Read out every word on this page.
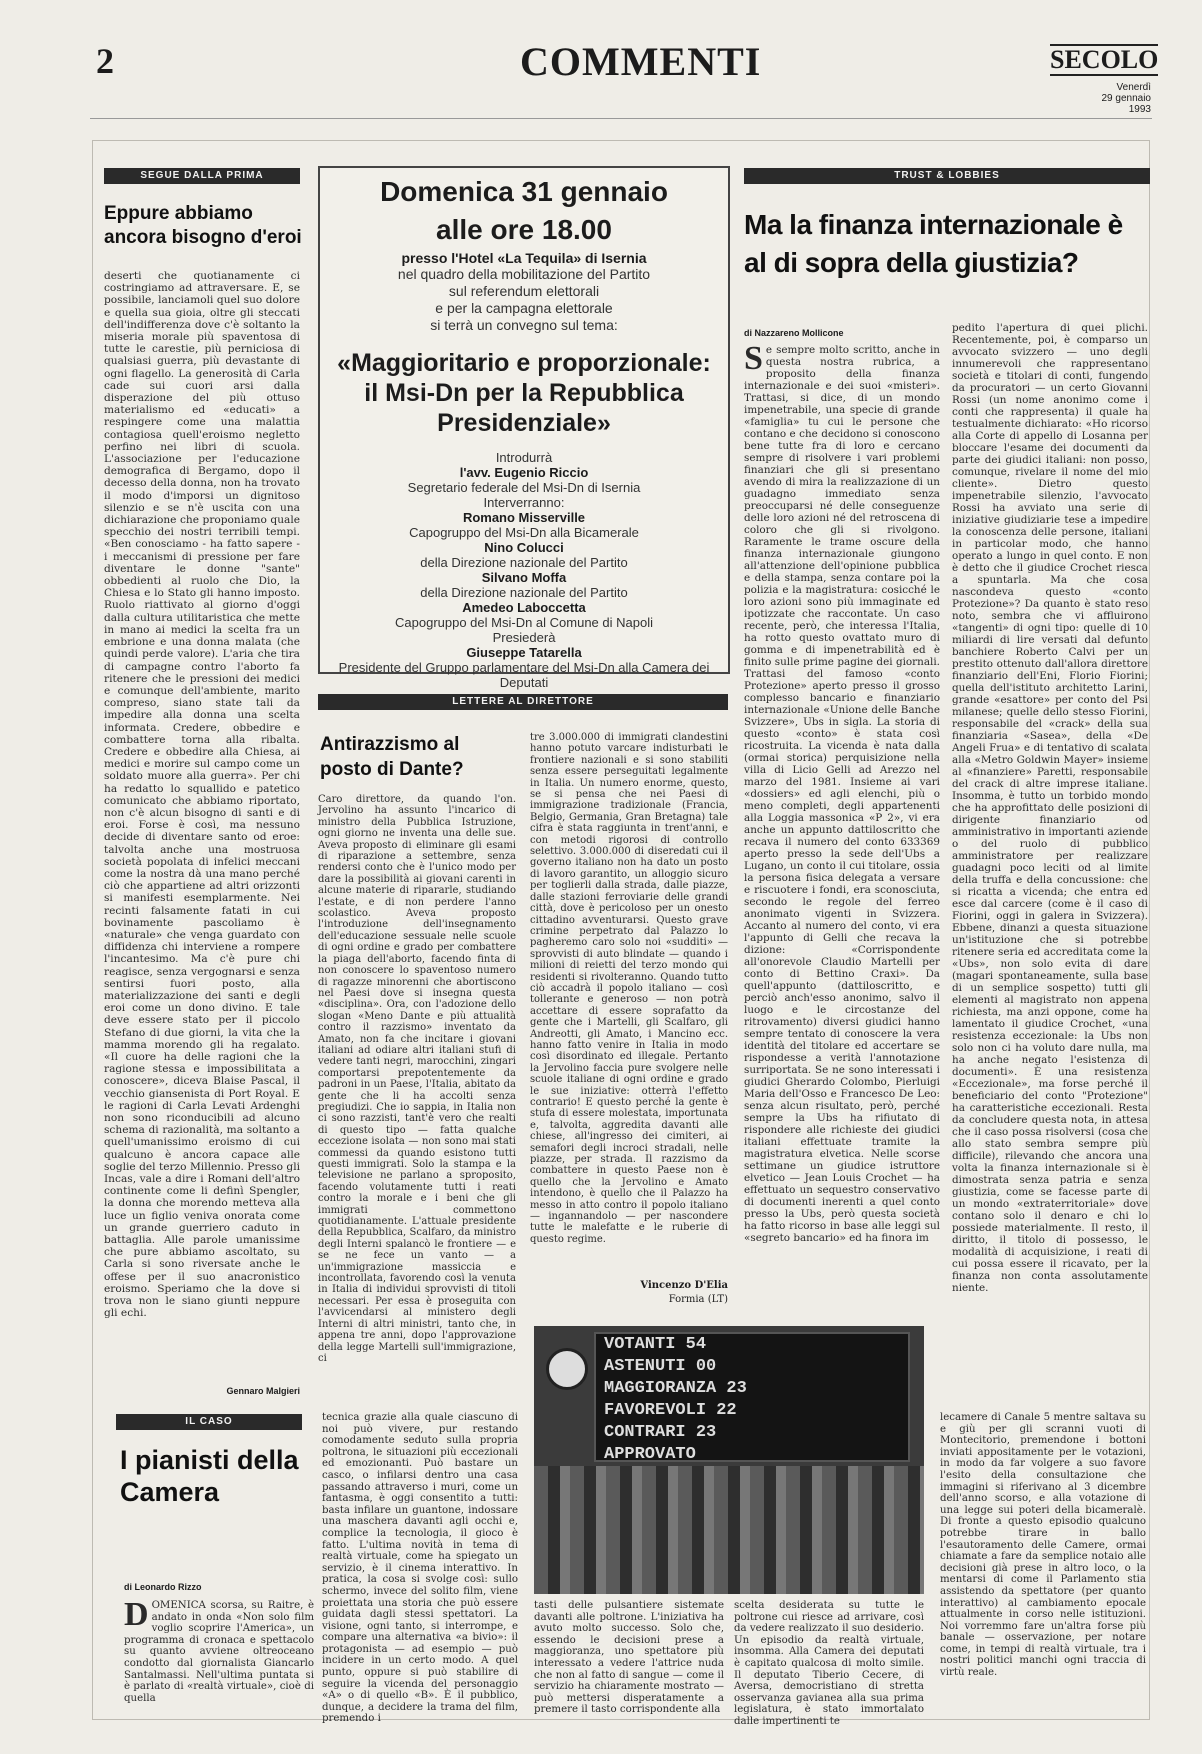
2	COMMENTI	SECOLO
Venerdì
29 gennaio 1993
SEGUE DALLA PRIMA
Eppure abbiamo ancora bisogno d'eroi
deserti che quotianamente ci costringiamo ad attraversare. E, se possibile, lanciamoli quel suo dolore e quella sua gioia, oltre gli steccati dell'indifferenza dove c'è soltanto la miseria morale più spaventosa di tutte le carestie, più perniciosa di qualsiasi guerra, più devastante di ogni flagello. La generosità di Carla cade sui cuori arsi dalla disperazione del più ottuso materialismo ed «educati» a respingere come una malattia contagiosa quell'eroismo negletto perfino nei libri di scuola. L'associazione per l'educazione demografica di Bergamo, dopo il decesso della donna, non ha trovato il modo d'imporsi un dignitoso silenzio e se n'è uscita con una dichiarazione che proponiamo quale specchio dei nostri terribili tempi. «Ben conosciamo - ha fatto sapere - i meccanismi di pressione per fare diventare le donne "sante" obbedienti al ruolo che Dio, la Chiesa e lo Stato gli hanno imposto. Ruolo riattivato al giorno d'oggi dalla cultura utilitaristica che mette in mano ai medici la scelta fra un embrione e una donna malata (che quindi perde valore). L'aria che tira di campagne contro l'aborto fa ritenere che le pressioni dei medici e comunque dell'ambiente, marito compreso, siano state tali da impedire alla donna una scelta informata. Credere, obbedire e combattere torna alla ribalta. Credere e obbedire alla Chiesa, ai medici e morire sul campo come un soldato muore alla guerra». Per chi ha redatto lo squallido e patetico comunicato che abbiamo riportato, non c'è alcun bisogno di santi e di eroi. Forse è così, ma nessuno decide di diventare santo od eroe: talvolta anche una mostruosa società popolata di infelici meccani come la nostra dà una mano perché ciò che appartiene ad altri orizzonti si manifesti esemplarmente. Nei recinti falsamente fatati in cui bovinamente pascoliamo è «naturale» che venga guardato con diffidenza chi interviene a rompere l'incantesimo. Ma c'è pure chi reagisce, senza vergognarsi e senza sentirsi fuori posto, alla materializzazione dei santi e degli eroi come un dono divino. E tale deve essere stato per il piccolo Stefano di due giorni, la vita che la mamma morendo gli ha regalato. «Il cuore ha delle ragioni che la ragione stessa e impossibilitata a conoscere», diceva Blaise Pascal, il vecchio giansenista di Port Royal. E le ragioni di Carla Levati Ardenghi non sono riconducibili ad alcuno schema di razionalità, ma soltanto a quell'umanissimo eroismo di cui qualcuno è ancora capace alle soglie del terzo Millennio. Presso gli Incas, vale a dire i Romani dell'altro continente come li definì Spengler, la donna che morendo metteva alla luce un figlio veniva onorata come un grande guerriero caduto in battaglia. Alle parole umanissime che pure abbiamo ascoltato, su Carla si sono riversate anche le offese per il suo anacronistico eroismo. Speriamo che la dove si trova non le siano giunti neppure gli echi.
Gennaro Malgieri
Domenica 31 gennaio
alle ore 18.00
presso l'Hotel «La Tequila» di Isernia
nel quadro della mobilitazione del Partito
sul referendum elettorali
e per la campagna elettorale
si terrà un convegno sul tema:
«Maggioritario e proporzionale: il Msi-Dn per la Repubblica Presidenziale»
Introdurrà
l'avv. Eugenio Riccio
Segretario federale del Msi-Dn di Isernia
Interverranno:
Romano Misserville
Capogruppo del Msi-Dn alla Bicamerale
Nino Colucci
della Direzione nazionale del Partito
Silvano Moffa
della Direzione nazionale del Partito
Amedeo Laboccetta
Capogruppo del Msi-Dn al Comune di Napoli
Presiederà
Giuseppe Tatarella
Presidente del Gruppo parlamentare del Msi-Dn alla Camera dei Deputati
LETTERE AL DIRETTORE
Antirazzismo al posto di Dante?
Caro direttore, da quando l'on. Jervolino ha assunto l'incarico di ministro della Pubblica Istruzione, ogni giorno ne inventa una delle sue. Aveva proposto di eliminare gli esami di riparazione a settembre, senza rendersi conto che è l'unico modo per dare la possibilità ai giovani carenti in alcune materie di ripararle, studiando l'estate, e di non perdere l'anno scolastico. Aveva proposto l'introduzione dell'insegnamento dell'educazione sessuale nelle scuole di ogni ordine e grado per combattere la piaga dell'aborto, facendo finta di non conoscere lo spaventoso numero di ragazze minorenni che abortiscono nel Paesi dove si insegna questa «disciplina». Ora, con l'adozione dello slogan «Meno Dante e più attualità contro il razzismo» inventato da Amato, non fa che incitare i giovani italiani ad odiare altri italiani stufi di vedere tanti negri, marocchini, zingari comportarsi prepotentemente da padroni in un Paese, l'Italia, abitato da gente che li ha accolti senza pregiudizi. Che io sappia, in Italia non ci sono razzisti, tant'è vero che realti di questo tipo — fatta qualche eccezione isolata — non sono mai stati commessi da quando esistono tutti questi immigrati. Solo la stampa e la televisione ne parlano a sproposito, facendo volutamente tutti i reati contro la morale e i beni che gli immigrati commettono quotidianamente. L'attuale presidente della Repubblica, Scalfaro, da ministro degli Interni spalancò le frontiere — e se ne fece un vanto — a un'immigrazione massiccia e incontrollata, favorendo così la venuta in Italia di individui sprovvisti di titoli necessari. Per essa è proseguita con l'avvicendarsi al ministero degli Interni di altri ministri, tanto che, in appena tre anni, dopo l'approvazione della legge Martelli sull'immigrazione, ci
tre 3.000.000 di immigrati clandestini hanno potuto varcare indisturbati le frontiere nazionali e si sono stabiliti senza essere perseguitati legalmente in Italia. Un numero enorme, questo, se si pensa che nei Paesi di immigrazione tradizionale (Francia, Belgio, Germania, Gran Bretagna) tale cifra è stata raggiunta in trent'anni, e con metodi rigorosi di controllo selettivo. 3.000.000 di diseredati cui il governo italiano non ha dato un posto di lavoro garantito, un alloggio sicuro per toglierli dalla strada, dalle piazze, dalle stazioni ferroviarie delle grandi città, dove è pericoloso per un onesto cittadino avventurarsi. Questo grave crimine perpetrato dal Palazzo lo pagheremo caro solo noi «sudditi» — sprovvisti di auto blindate — quando i milioni di reietti del terzo mondo qui residenti si rivolteranno. Quando tutto ciò accadrà il popolo italiano — così tollerante e generoso — non potrà accettare di essere soprafatto da gente che i Martelli, gli Scalfaro, gli Andreotti, gli Amato, i Mancino ecc. hanno fatto venire in Italia in modo così disordinato ed illegale. Pertanto la Jervolino faccia pure svolgere nelle scuole italiane di ogni ordine e grado le sue iniziative: otterrà l'effetto contrario! E questo perché la gente è stufa di essere molestata, importunata e, talvolta, aggredita davanti alle chiese, all'ingresso dei cimiteri, ai semafori degli incroci stradali, nelle piazze, per strada. Il razzismo da combattere in questo Paese non è quello che la Jervolino e Amato intendono, è quello che il Palazzo ha messo in atto contro il popolo italiano — ingannandolo — per nascondere tutte le malefatte e le ruberie di questo regime.
Vincenzo D'Elia
Formia (LT)
TRUST & LOBBIES
Ma la finanza internazionale è al di sopra della giustizia?
di Nazzareno Mollicone
Se sempre molto scritto, anche in questa nostra rubrica, a proposito della finanza internazionale e dei suoi «misteri». Trattasi, si dice, di un mondo impenetrabile, una specie di grande «famiglia» tu cui le persone che contano e che decidono si conoscono bene tutte fra di loro e cercano sempre di risolvere i vari problemi finanziari che gli si presentano avendo di mira la realizzazione di un guadagno immediato senza preoccuparsi né delle conseguenze delle loro azioni né del retroscena di coloro che gli si rivolgono. Raramente le trame oscure della finanza internazionale giungono all'attenzione dell'opinione pubblica e della stampa, senza contare poi la polizia e la magistratura: cosicché le loro azioni sono più immaginate ed ipotizzate che raccontate. Un caso recente, però, che interessa l'Italia, ha rotto questo ovattato muro di gomma e di impenetrabilità ed è finito sulle prime pagine dei giornali. Trattasi del famoso «conto Protezione» aperto presso il grosso complesso bancario e finanziario internazionale «Unione delle Banche Svizzere», Ubs in sigla. La storia di questo «conto» è stata così ricostruita. La vicenda è nata dalla (ormai storica) perquisizione nella villa di Licio Gelli ad Arezzo nel marzo del 1981. Insieme ai vari «dossiers» ed agli elenchi, più o meno completi, degli appartenenti alla Loggia massonica «P 2», vi era anche un appunto dattiloscritto che recava il numero del conto 633369 aperto presso la sede dell'Ubs a Lugano, un conto il cui titolare, ossia la persona fisica delegata a versare e riscuotere i fondi, era sconosciuta, secondo le regole del ferreo anonimato vigenti in Svizzera. Accanto al numero del conto, vi era l'appunto di Gelli che recava la dizione: «Corrispondente all'onorevole Claudio Martelli per conto di Bettino Craxi». Da quell'appunto (dattiloscritto, e perciò anch'esso anonimo, salvo il luogo e le circostanze del ritrovamento) diversi giudici hanno sempre tentato di conoscere la vera identità del titolare ed accertare se rispondesse a verità l'annotazione surriportata. Se ne sono interessati i giudici Gherardo Colombo, Pierluigi Maria dell'Osso e Francesco De Leo: senza alcun risultato, però, perché sempre la Ubs ha rifiutato di rispondere alle richieste dei giudici italiani effettuate tramite la magistratura elvetica. Nelle scorse settimane un giudice istruttore elvetico — Jean Louis Crochet — ha effettuato un sequestro conservativo di documenti inerenti a quel conto presso la Ubs, però questa società ha fatto ricorso in base alle leggi sul «segreto bancario» ed ha finora im
pedito l'apertura di quei plichi. Recentemente, poi, è comparso un avvocato svizzero — uno degli innumerevoli che rappresentano società e titolari di conti, fungendo da procuratori — un certo Giovanni Rossi (un nome anonimo come i conti che rappresenta) il quale ha testualmente dichiarato: «Ho ricorso alla Corte di appello di Losanna per bloccare l'esame dei documenti da parte dei giudici italiani: non posso, comunque, rivelare il nome del mio cliente». Dietro questo impenetrabile silenzio, l'avvocato Rossi ha avviato una serie di iniziative giudiziarie tese a impedire la conoscenza delle persone, italiani in particolar modo, che hanno operato a lungo in quel conto. E non è detto che il giudice Crochet riesca a spuntarla. Ma che cosa nascondeva questo «conto Protezione»? Da quanto è stato reso noto, sembra che vi affluirono «tangenti» di ogni tipo: quelle di 10 miliardi di lire versati dal defunto banchiere Roberto Calvi per un prestito ottenuto dall'allora direttore finanziario dell'Eni, Florio Fiorini; quella dell'istituto architetto Larini, grande «esattore» per conto del Psi milanese; quelle dello stesso Fiorini, responsabile del «crack» della sua finanziaria «Sasea», della «De Angeli Frua» e di tentativo di scalata alla «Metro Goldwin Mayer» insieme al «finanziere» Paretti, responsabile del crack di altre imprese italiane. Insomma, è tutto un torbido mondo che ha approfittato delle posizioni di dirigente finanziario od amministrativo in importanti aziende o del ruolo di pubblico amministratore per realizzare guadagni poco leciti od al limite della truffa e della concussione: che si ricatta a vicenda; che entra ed esce dal carcere (come è il caso di Fiorini, oggi in galera in Svizzera). Ebbene, dinanzi a questa situazione un'istituzione che si potrebbe ritenere seria ed accreditata come la «Ubs», non solo evita di dare (magari spontaneamente, sulla base di un semplice sospetto) tutti gli elementi al magistrato non appena richiesta, ma anzi oppone, come ha lamentato il giudice Crochet, «una resistenza eccezionale: la Ubs non solo non ci ha voluto dare nulla, ma ha anche negato l'esistenza di documenti». È una resistenza «Eccezionale», ma forse perché il beneficiario del conto "Protezione" ha caratteristiche eccezionali. Resta da concludere questa nota, in attesa che il caso possa risolversi (cosa che allo stato sembra sempre più difficile), rilevando che ancora una volta la finanza internazionale si è dimostrata senza patria e senza giustizia, come se facesse parte di un mondo «extraterritoriale» dove contano solo il denaro e chi lo possiede materialmente. Il resto, il diritto, il titolo di possesso, le modalità di acquisizione, i reati di cui possa essere il ricavato, per la finanza non conta assolutamente niente.
IL CASO
I pianisti della Camera
di Leonardo Rizzo
DOMENICA scorsa, su Raitre, è andato in onda «Non solo film voglio scoprire l'America», un programma di cronaca e spettacolo su quanto avviene oltreoceano condotto dal giornalista Giancarlo Santalmassi. Nell'ultima puntata si è parlato di «realtà virtuale», cioè di quella
tecnica grazie alla quale ciascuno di noi può vivere, pur restando comodamente seduto sulla propria poltrona, le situazioni più eccezionali ed emozionanti. Può bastare un casco, o infilarsi dentro una casa passando attraverso i muri, come un fantasma, è oggi consentito a tutti: basta infilare un guantone, indossare una maschera davanti agli occhi e, complice la tecnologia, il gioco è fatto. L'ultima novità in tema di realtà virtuale, come ha spiegato un servizio, è il cinema interattivo. In pratica, la cosa si svolge così: sullo schermo, invece del solito film, viene proiettata una storia che può essere guidata dagli stessi spettatori. La visione, ogni tanto, si interrompe, e compare una alternativa «a bivio»: il protagonista — ad esempio — può incidere in un certo modo. A quel punto, oppure si può stabilire di seguire la vicenda del personaggio «A» o di quello «B». È il pubblico, dunque, a decidere la trama del film, premendo i
tasti delle pulsantiere sistemate davanti alle poltrone. L'iniziativa ha avuto molto successo. Solo che, essendo le decisioni prese a maggioranza, uno spettatore più interessato a vedere l'attrice nuda che non al fatto di sangue — come il servizio ha chiaramente mostrato — può mettersi disperatamente a premere il tasto corrispondente alla
scelta desiderata su tutte le poltrone cui riesce ad arrivare, così da vedere realizzato il suo desiderio. Un episodio da realtà virtuale, insomma. Alla Camera dei deputati è capitato qualcosa di molto simile. Il deputato Tiberio Cecere, di Aversa, democristiano di stretta osservanza gavianea alla sua prima legislatura, è stato immortalato dalle impertinenti te
lecamere di Canale 5 mentre saltava su e giù per gli scranni vuoti di Montecitorio, premendone i bottoni inviati appositamente per le votazioni, in modo da far volgere a suo favore l'esito della consultazione che immagini si riferivano al 3 dicembre dell'anno scorso, e alla votazione di una legge sui poteri della bicameralè. Di fronte a questo episodio qualcuno potrebbe tirare in ballo l'esautoramento delle Camere, ormai chiamate a fare da semplice notaio alle decisioni già prese in altro loco, o la mentarsi di come il Parlamento stia assistendo da spettatore (per quanto interattivo) al cambiamento epocale attualmente in corso nelle istituzioni. Noi vorremmo fare un'altra forse più banale — osservazione, per notare come, in tempi di realtà virtuale, tra i nostri politici manchi ogni traccia di virtù reale.
VOTANTI 54
ASTENUTI 00
MAGGIORANZA 23
FAVOREVOLI 22
CONTRARI 23
APPROVATO
